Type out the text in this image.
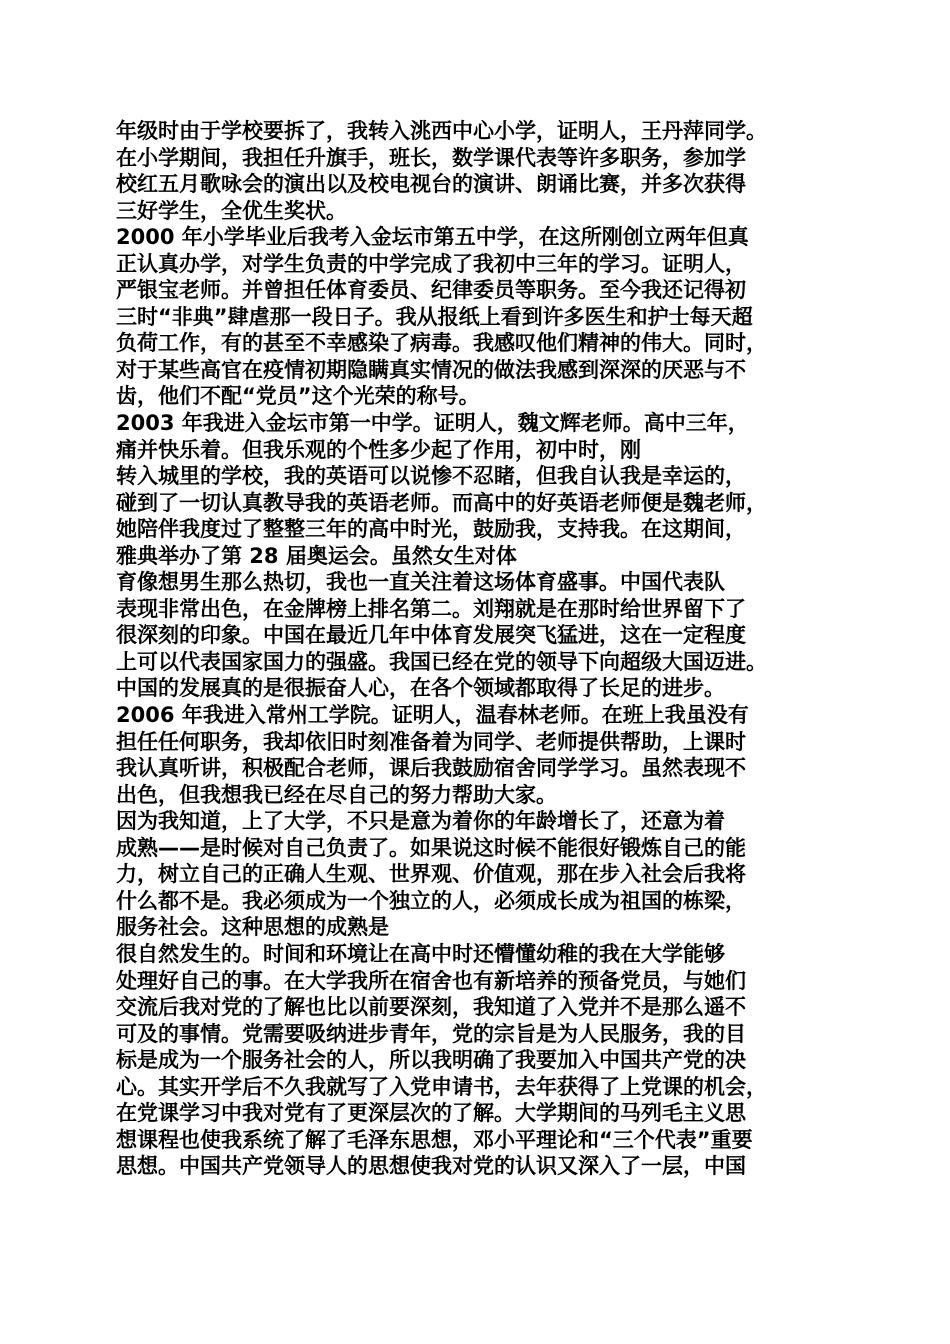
年级时由于学校要拆了，我转入洮西中心小学，证明人，王丹萍同学。
在小学期间，我担任升旗手，班长，数学课代表等许多职务，参加学
校红五月歌咏会的演出以及校电视台的演讲、朗诵比赛，并多次获得
三好学生，全优生奖状。
2000 年小学毕业后我考入金坛市第五中学，在这所刚创立两年但真
正认真办学，对学生负责的中学完成了我初中三年的学习。证明人，
严银宝老师。并曾担任体育委员、纪律委员等职务。至今我还记得初
三时“非典”肆虐那一段日子。我从报纸上看到许多医生和护士每天超
负荷工作，有的甚至不幸感染了病毒。我感叹他们精神的伟大。同时，
对于某些高官在疫情初期隐瞒真实情况的做法我感到深深的厌恶与不
齿，他们不配“党员”这个光荣的称号。
2003 年我进入金坛市第一中学。证明人，魏文辉老师。高中三年，
痛并快乐着。但我乐观的个性多少起了作用，初中时，刚
转入城里的学校，我的英语可以说惨不忍睹，但我自认我是幸运的，
碰到了一切认真教导我的英语老师。而高中的好英语老师便是魏老师，
她陪伴我度过了整整三年的高中时光，鼓励我，支持我。在这期间，
雅典举办了第 28 届奥运会。虽然女生对体
育像想男生那么热切，我也一直关注着这场体育盛事。中国代表队
表现非常出色，在金牌榜上排名第二。刘翔就是在那时给世界留下了
很深刻的印象。中国在最近几年中体育发展突飞猛进，这在一定程度
上可以代表国家国力的强盛。我国已经在党的领导下向超级大国迈进。
中国的发展真的是很振奋人心，在各个领域都取得了长足的进步。
2006 年我进入常州工学院。证明人，温春林老师。在班上我虽没有
担任任何职务，我却依旧时刻准备着为同学、老师提供帮助，上课时
我认真听讲，积极配合老师，课后我鼓励宿舍同学学习。虽然表现不
出色，但我想我已经在尽自己的努力帮助大家。
因为我知道，上了大学，不只是意为着你的年龄增长了，还意为着
成熟——是时候对自己负责了。如果说这时候不能很好锻炼自己的能
力，树立自己的正确人生观、世界观、价值观，那在步入社会后我将
什么都不是。我必须成为一个独立的人，必须成长成为祖国的栋梁，
服务社会。这种思想的成熟是
很自然发生的。时间和环境让在高中时还懵懂幼稚的我在大学能够
处理好自己的事。在大学我所在宿舍也有新培养的预备党员，与她们
交流后我对党的了解也比以前要深刻，我知道了入党并不是那么遥不
可及的事情。党需要吸纳进步青年，党的宗旨是为人民服务，我的目
标是成为一个服务社会的人，所以我明确了我要加入中国共产党的决
心。其实开学后不久我就写了入党申请书，去年获得了上党课的机会，
在党课学习中我对党有了更深层次的了解。大学期间的马列毛主义思
想课程也使我系统了解了毛泽东思想，邓小平理论和“三个代表”重要
思想。中国共产党领导人的思想使我对党的认识又深入了一层，中国
